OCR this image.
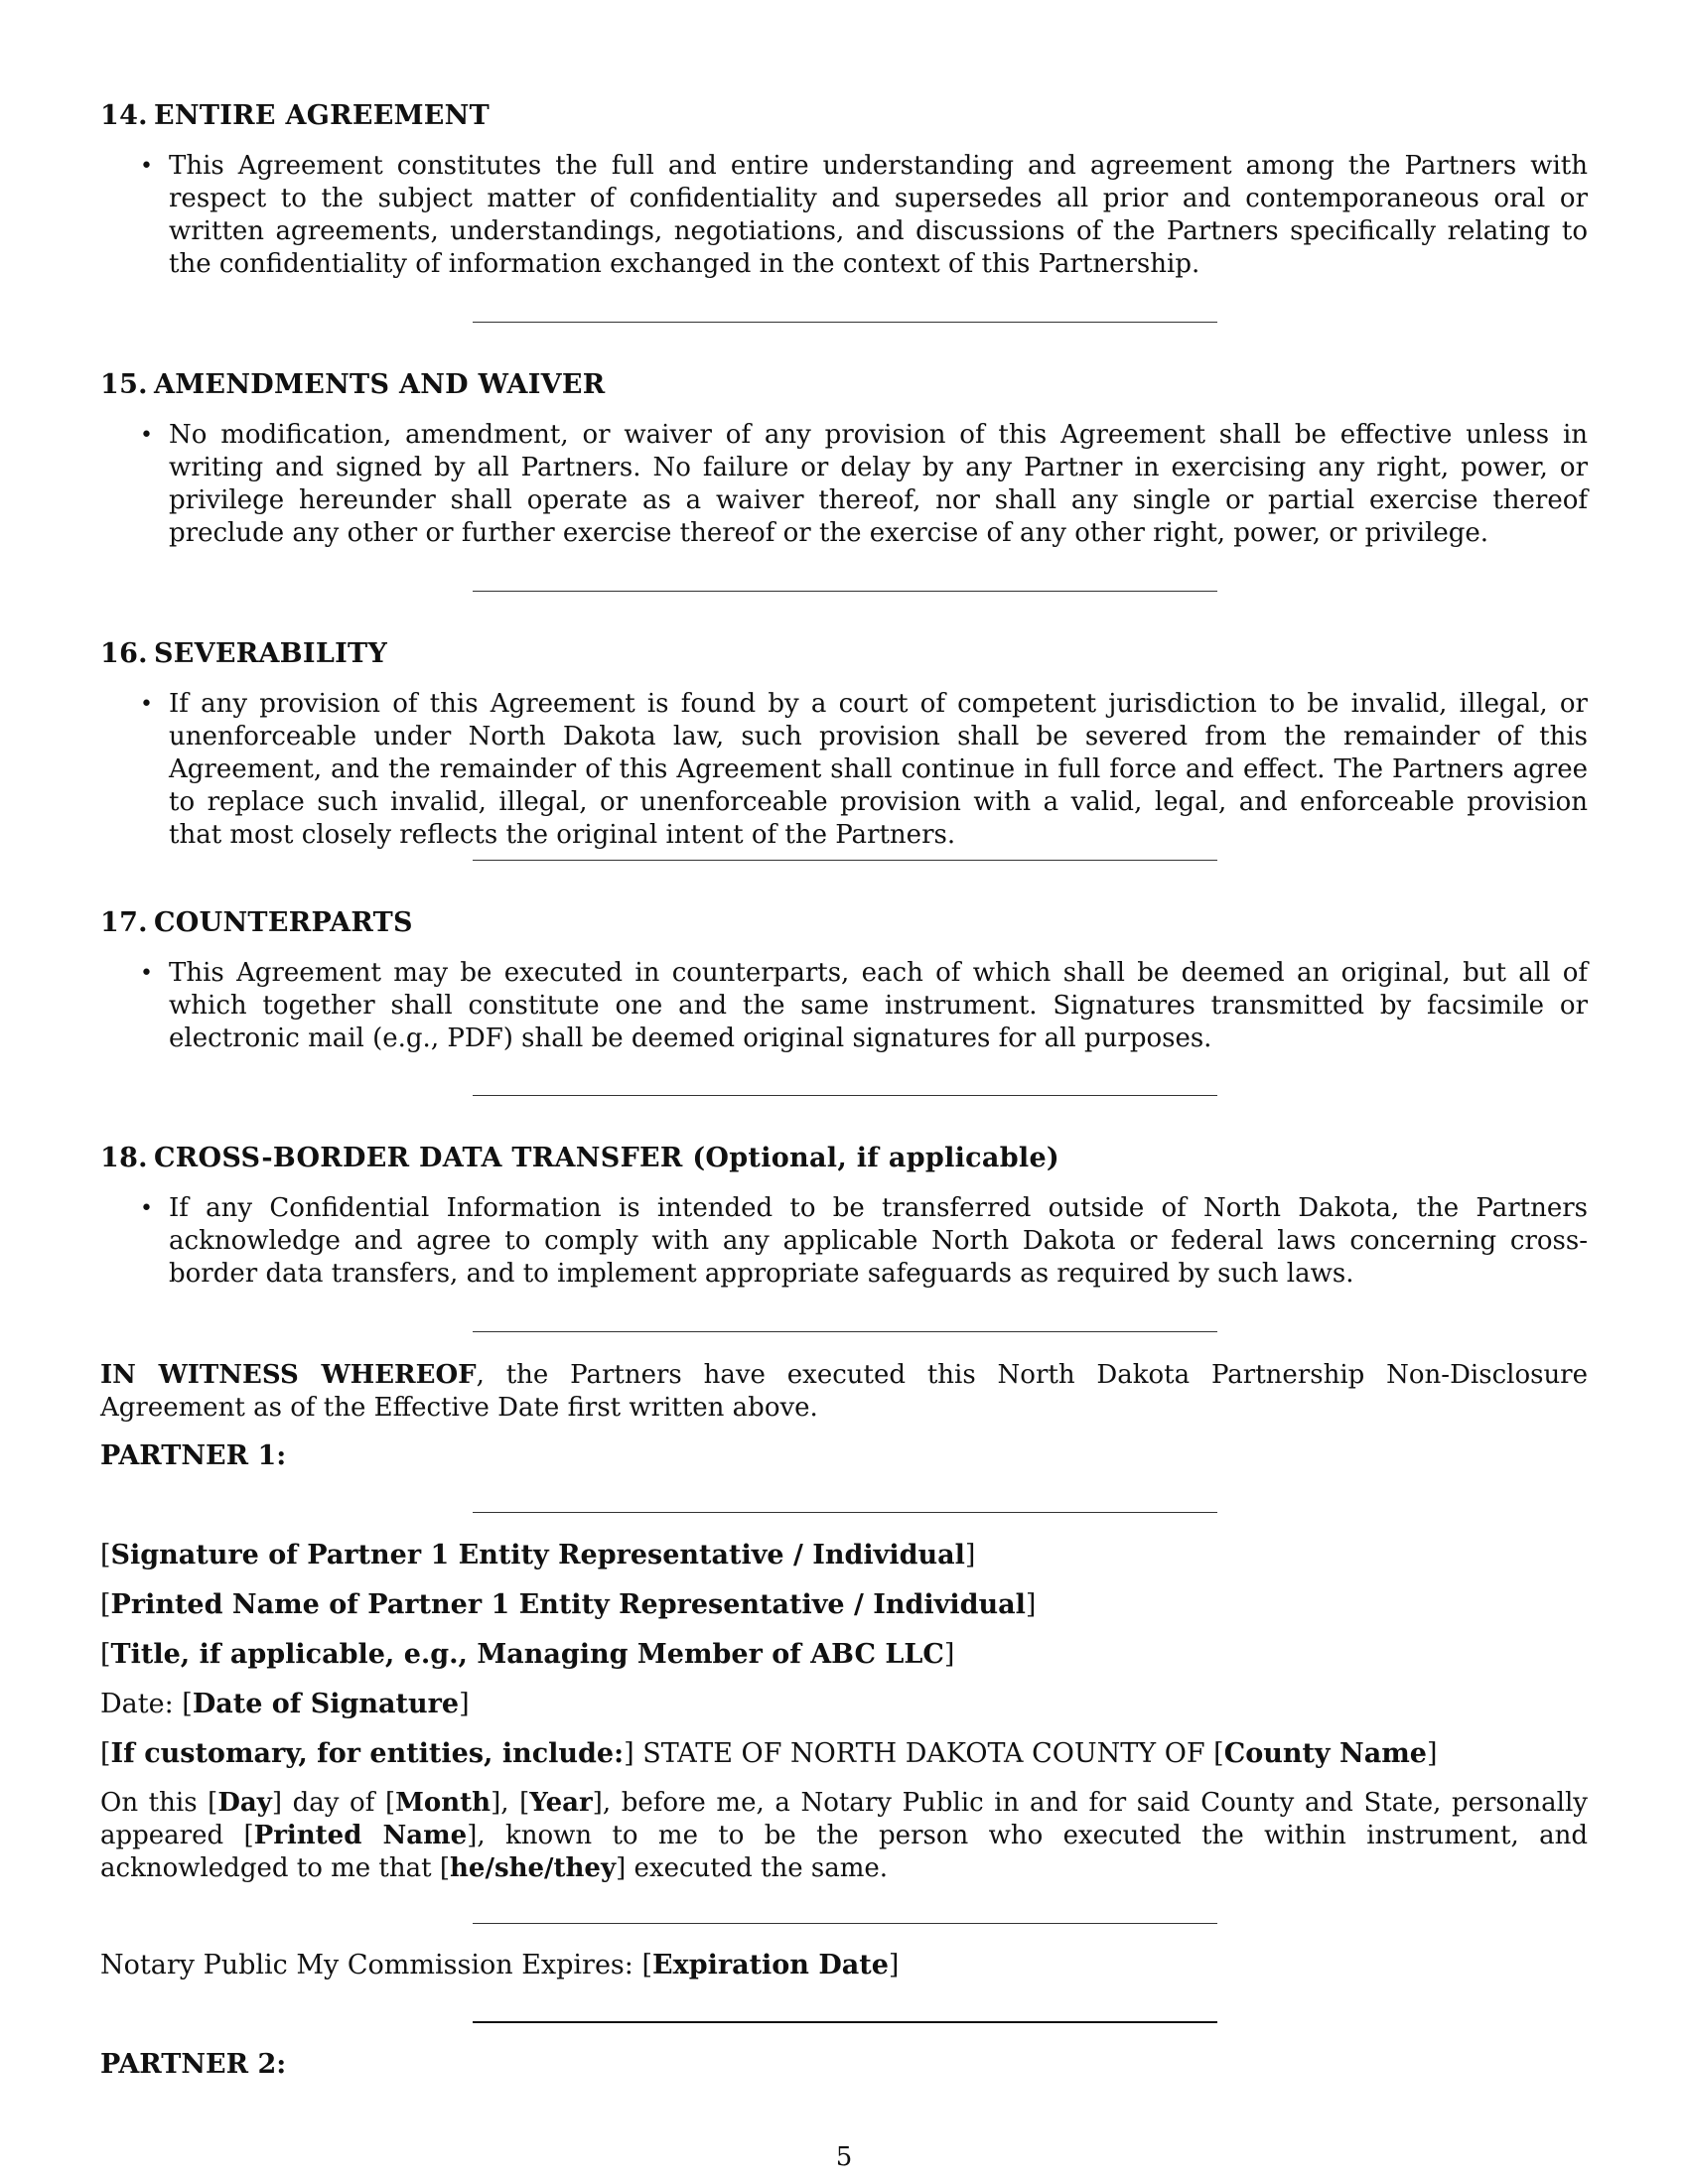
14. ENTIRE AGREEMENT
• This Agreement constitutes the full and entire understanding and agreement among the Partners with respect to the subject matter of confidentiality and supersedes all prior and contemporaneous oral or written agreements, understandings, negotiations, and discussions of the Partners specifically relating to the confidentiality of information exchanged in the context of this Partnership.
15. AMENDMENTS AND WAIVER
• No modification, amendment, or waiver of any provision of this Agreement shall be effective unless in writing and signed by all Partners. No failure or delay by any Partner in exercising any right, power, or privilege hereunder shall operate as a waiver thereof, nor shall any single or partial exercise thereof preclude any other or further exercise thereof or the exercise of any other right, power, or privilege.
16. SEVERABILITY
• If any provision of this Agreement is found by a court of competent jurisdiction to be invalid, illegal, or unenforceable under North Dakota law, such provision shall be severed from the remainder of this Agreement, and the remainder of this Agreement shall continue in full force and effect. The Partners agree to replace such invalid, illegal, or unenforceable provision with a valid, legal, and enforceable provision that most closely reflects the original intent of the Partners.
17. COUNTERPARTS
• This Agreement may be executed in counterparts, each of which shall be deemed an original, but all of which together shall constitute one and the same instrument. Signatures transmitted by facsimile or electronic mail (e.g., PDF) shall be deemed original signatures for all purposes.
18. CROSS-BORDER DATA TRANSFER (Optional, if applicable)
• If any Confidential Information is intended to be transferred outside of North Dakota, the Partners acknowledge and agree to comply with any applicable North Dakota or federal laws concerning cross-border data transfers, and to implement appropriate safeguards as required by such laws.
IN WITNESS WHEREOF, the Partners have executed this North Dakota Partnership Non-Disclosure Agreement as of the Effective Date first written above.
PARTNER 1:
[Signature of Partner 1 Entity Representative / Individual]
[Printed Name of Partner 1 Entity Representative / Individual]
[Title, if applicable, e.g., Managing Member of ABC LLC]
Date: [Date of Signature]
[If customary, for entities, include:] STATE OF NORTH DAKOTA COUNTY OF [County Name]
On this [Day] day of [Month], [Year], before me, a Notary Public in and for said County and State, personally appeared [Printed Name], known to me to be the person who executed the within instrument, and acknowledged to me that [he/she/they] executed the same.
Notary Public My Commission Expires: [Expiration Date]
PARTNER 2:
5
